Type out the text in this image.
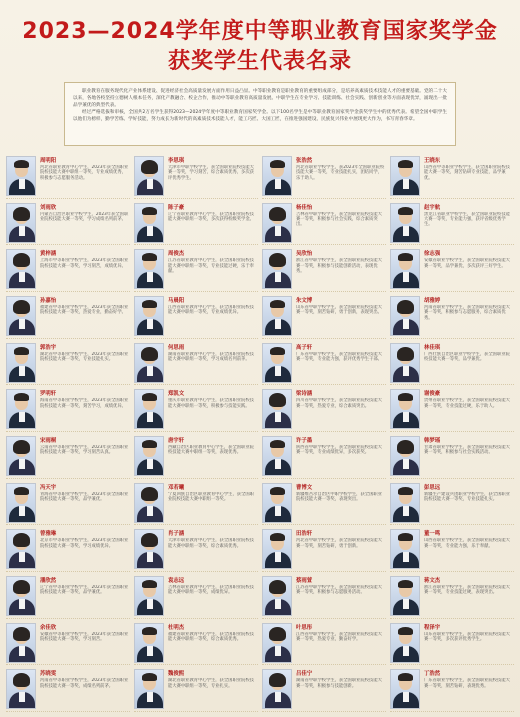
2023—2024学年度中等职业教育国家奖学金
获奖学生代表名录

职业教育在服务现代化产业体系建设、促进经济社会高质量发展方面作用日益凸显。中等职业教育是职业教育的重要组成部分，是培养高素质技术技能人才的重要基础。党的二十大以来，各地各校坚持立德树人根本任务，深化产教融合、校企合作，推动中等职业教育高质量发展。中职学生在专业学习、技能训练、社会实践、创新创业等方面表现优异，涌现出一批品学兼优的典型代表。

经过严格选拔和审核，全国共2万名学生获得2023—2024学年度中等职业教育国家奖学金。以下100名学生是中等职业教育国家奖学金获奖学生中的优秀代表。希望全国中职学生以他们为榜样，勤学苦练、学好技能，努力成长为新时代的高素质技术技能人才，能工巧匠、大国工匠，在推进强国建设、民族复兴伟业中展现更大作为，书写青春华章。

周明阳
河北省职业教育中心学生，2023年获全国职业院校技能大赛中职组一等奖，专业成绩优秀，积极参与志愿服务活动。
李思琪
天津市中职学校学生，获全国职业院校技能大赛一等奖，学习刻苦，综合素质优秀，多次获评优秀学生。
张浩然
河北省职业学校学生，获2023年全国职业院校技能大赛一等奖，专业技能扎实，团结同学，乐于助人。
王晓东
山西省中等职业学校学生，获全国职业院校技能大赛一等奖，刻苦钻研专业技能，品学兼优。
刘雨欣
内蒙古自治区职业学校学生，2023年获全国职业院校技能大赛一等奖，学习成绩名列前茅。
陈子豪
辽宁省职业教育中心学生，获全国职业院校技能大赛中职组一等奖，多次获得校级奖学金。
杨佳怡
吉林省中职学校学生，获全国职业院校技能大赛一等奖，积极参与社会实践，综合素质突出。
赵宇航
黑龙江省职业学校学生，获全国职业院校技能大赛一等奖，专业能力强，获评省级优秀学生。
黄梓涵
上海市中等职业学校学生，2023年获全国职业院校技能大赛一等奖，学习刻苦，成绩优异。
周俊杰
江苏省职业教育中心学生，获全国职业院校技能大赛中职组一等奖，专业技能过硬，乐于奉献。
吴欣怡
浙江省中职学校学生，获全国职业院校技能大赛一等奖，积极参与技能创新活动，表现优秀。
徐志强
安徽省职业学校学生，获全国职业院校技能大赛一等奖，品学兼优，多次获评三好学生。
孙嘉怡
福建省中等职业学校学生，2023年获全国职业院校技能大赛一等奖，热爱专业，勤奋好学。
马晨阳
江西省职业教育中心学生，获全国职业院校技能大赛中职组一等奖，专业成绩优异。
朱文博
山东省中职学校学生，获全国职业院校技能大赛一等奖，刻苦钻研，勇于创新，表现突出。
胡雅婷
河南省职业学校学生，获全国职业院校技能大赛一等奖，积极参与志愿服务，综合素质优秀。
郭浩宇
湖北省中等职业学校学生，2023年获全国职业院校技能大赛一等奖，专业技能扎实。
何思雨
湖南省职业教育中心学生，获全国职业院校技能大赛中职组一等奖，学习成绩名列前茅。
高子轩
广东省中职学校学生，获全国职业院校技能大赛一等奖，专业能力强，获评优秀学生干部。
林佳琪
广西壮族自治区职业学校学生，获全国职业院校技能大赛一等奖，品学兼优。
罗明轩
海南省中等职业学校学生，2023年获全国职业院校技能大赛一等奖，刻苦学习，成绩优异。
郑凯文
重庆市职业教育中心学生，获全国职业院校技能大赛中职组一等奖，积极参与技能实践。
梁诗涵
四川省中职学校学生，获全国职业院校技能大赛一等奖，热爱专业，综合素质突出。
谢俊豪
贵州省职业学校学生，获全国职业院校技能大赛一等奖，专业技能过硬，乐于助人。
宋雨桐
云南省中等职业学校学生，2023年获全国职业院校技能大赛一等奖，学习刻苦认真。
唐宇轩
西藏自治区职业教育中心学生，获全国职业院校技能大赛中职组一等奖，表现优秀。
许子墨
陕西省中职学校学生，获全国职业院校技能大赛一等奖，专业成绩优异，多次获奖。
韩梦瑶
甘肃省职业学校学生，获全国职业院校技能大赛一等奖，积极参与社会实践活动。
冯天宇
青海省中等职业学校学生，2023年获全国职业院校技能大赛一等奖，品学兼优。
邓若曦
宁夏回族自治区职业教育中心学生，获全国职业院校技能大赛中职组一等奖。
曹博文
新疆维吾尔自治区中职学校学生，获全国职业院校技能大赛一等奖，表现突出。
彭思远
新疆生产建设兵团职业学校学生，获全国职业院校技能大赛一等奖，专业技能扎实。
曾雅琳
北京市中等职业学校学生，2023年获全国职业院校技能大赛一等奖，学习成绩优异。
肖子涵
天津市职业教育中心学生，获全国职业院校技能大赛中职组一等奖，综合素质优秀。
田浩轩
河北省中职学校学生，获全国职业院校技能大赛一等奖，刻苦钻研，勇于创新。
董一鸣
山西省职业学校学生，获全国职业院校技能大赛一等奖，专业能力强，乐于奉献。
潘欣然
辽宁省中等职业学校学生，2023年获全国职业院校技能大赛一等奖，品学兼优。
袁志远
吉林省职业教育中心学生，获全国职业院校技能大赛中职组一等奖，成绩优异。
蔡雨萱
江苏省中职学校学生，获全国职业院校技能大赛一等奖，积极参与志愿服务活动。
蒋文杰
浙江省职业学校学生，获全国职业院校技能大赛一等奖，专业技能过硬，表现突出。
余佳欣
安徽省中等职业学校学生，2023年获全国职业院校技能大赛一等奖，学习刻苦。
杜明杰
福建省职业教育中心学生，获全国职业院校技能大赛中职组一等奖，综合素质优秀。
叶思彤
江西省中职学校学生，获全国职业院校技能大赛一等奖，热爱专业，勤奋好学。
程泽宇
山东省职业学校学生，获全国职业院校技能大赛一等奖，多次获评优秀学生。
苏晓雯
河南省中等职业学校学生，2023年获全国职业院校技能大赛一等奖，成绩名列前茅。
魏俊熙
湖北省职业教育中心学生，获全国职业院校技能大赛中职组一等奖，专业扎实。
吕佳宁
湖南省中职学校学生，获全国职业院校技能大赛一等奖，积极参与技能创新。
丁浩然
广东省职业学校学生，获全国职业院校技能大赛一等奖，刻苦钻研，表现优秀。
